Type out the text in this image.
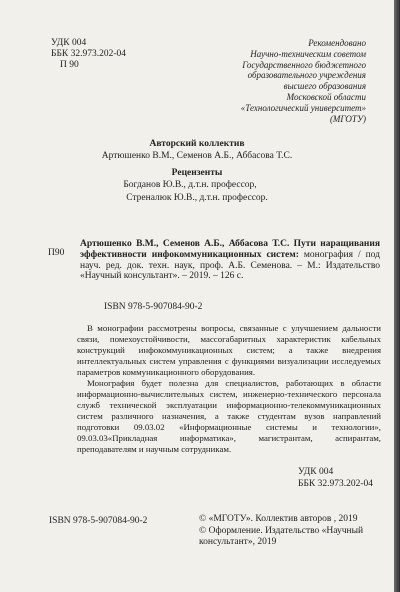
УДК 004
ББК 32.973.202-04
П 90
Рекомендовано
Научно-техническим советом
Государственного бюджетного
образовательного учреждения
высшего образования
Московской области
«Технологический университет»
(МГОТУ)
Авторский коллектив
Артюшенко В.М., Семенов А.Б., Аббасова Т.С.
Рецензенты
Богданов Ю.В., д.т.н. профессор,
Стреналюк Ю.В., д.т.н. профессор.
П90
Артюшенко В.М., Семенов А.Б., Аббасова Т.С. Пути наращивания эффективности инфокоммуникационных систем: монография / под науч. ред. док. техн. наук, проф. А.Б. Семенова. – М.: Издательство «Научный консультант». – 2019. – 126 с.
ISBN 978-5-907084-90-2

В монографии рассмотрены вопросы, связанные с улучшением дальности связи, помехоустойчивости, массогабаритных характеристик кабельных конструкций инфокоммуникационных систем; а также внедрения интеллектуальных систем управления с функциями визуализации исследуемых параметров коммуникационного оборудования.

Монография будет полезна для специалистов, работающих в области информационно-вычислительных систем, инженерно-технического персонала служб технической эксплуатации информационно-телекоммуникационных систем различного назначения, а также студентам вузов направлений подготовки 09.03.02 «Информационные системы и технологии», 09.03.03«Прикладная информатика», магистрантам, аспирантам, преподавателям и научным сотрудникам.

УДК 004
ББК 32.973.202-04
ISBN 978-5-907084-90-2	© «МГОТУ». Коллектив авторов , 2019
© Оформление. Издательство «Научный консультант», 2019
